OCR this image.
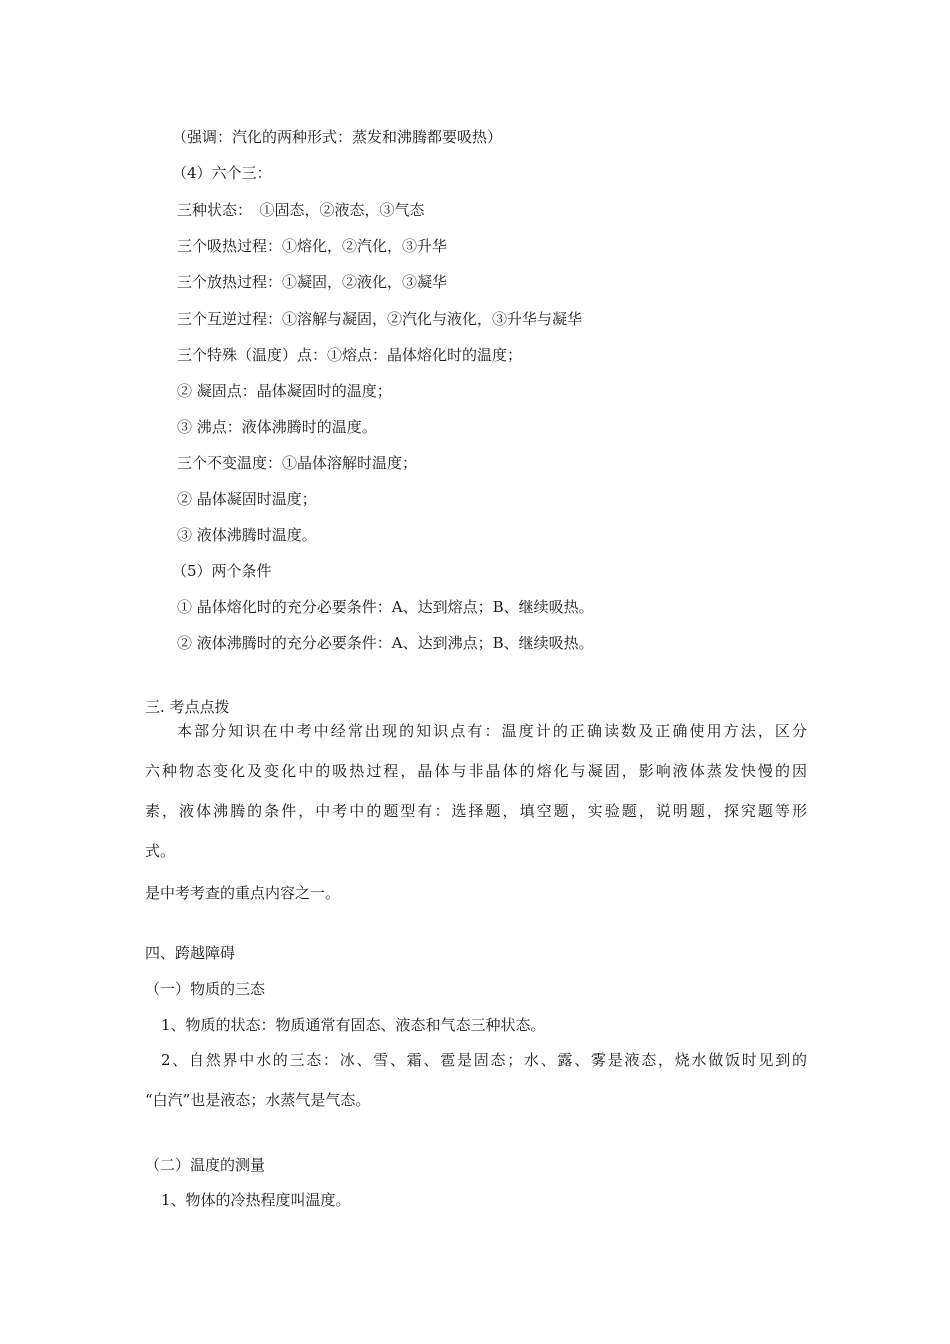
（强调：汽化的两种形式：蒸发和沸腾都要吸热）
（4）六个三：
三种状态：　①固态，②液态，③气态
三个吸热过程：①熔化，②汽化，③升华
三个放热过程：①凝固，②液化，③凝华
三个互逆过程：①溶解与凝固，②汽化与液化，③升华与凝华
三个特殊（温度）点：①熔点：晶体熔化时的温度；
② 凝固点：晶体凝固时的温度；
③ 沸点：液体沸腾时的温度。
三个不变温度：①晶体溶解时温度；
② 晶体凝固时温度；
③ 液体沸腾时温度。
（5）两个条件
① 晶体熔化时的充分必要条件：A、达到熔点；B、继续吸热。
② 液体沸腾时的充分必要条件：A、达到沸点；B、继续吸热。
三. 考点点拨
本部分知识在中考中经常出现的知识点有：温度计的正确读数及正确使用方法，区分
六种物态变化及变化中的吸热过程，晶体与非晶体的熔化与凝固，影响液体蒸发快慢的因
素，液体沸腾的条件，中考中的题型有：选择题，填空题，实验题，说明题，探究题等形
式。
是中考考查的重点内容之一。
四、跨越障碍
（一）物质的三态
1、物质的状态：物质通常有固态、液态和气态三种状态。
2、自然界中水的三态：冰、雪、霜、雹是固态；水、露、雾是液态，烧水做饭时见到的
“白汽”也是液态；水蒸气是气态。
（二）温度的测量
1、物体的冷热程度叫温度。
